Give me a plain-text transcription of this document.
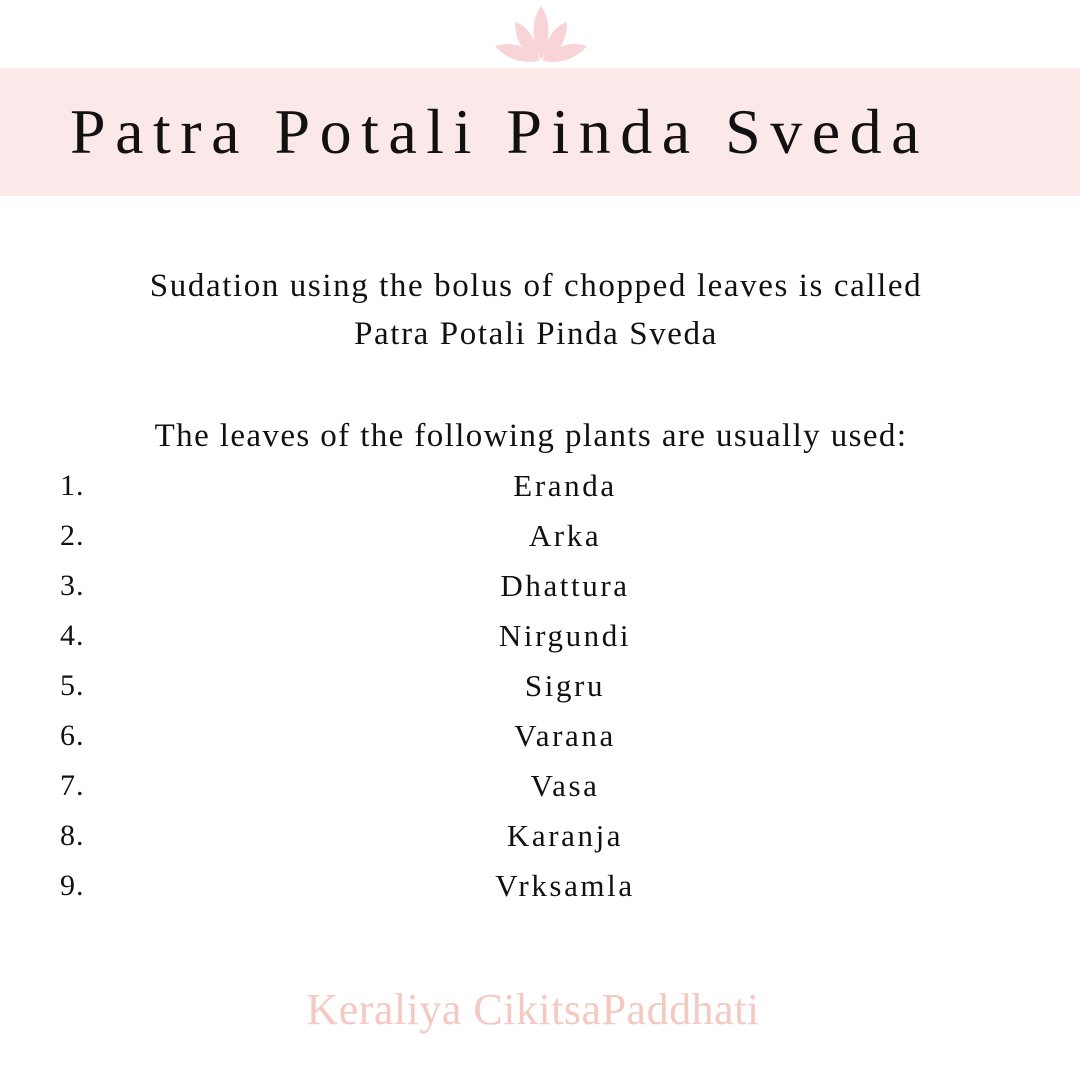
Patra Potali Pinda Sveda
Sudation using the bolus of chopped leaves is called
Patra Potali Pinda Sveda
The leaves of the following plants are usually used:
1.	Eranda
2.	Arka
3.	Dhattura
4.	Nirgundi
5.	Sigru
6.	Varana
7.	Vasa
8.	Karanja
9.	Vrksamla
Keraliya CikitsaPaddhati
